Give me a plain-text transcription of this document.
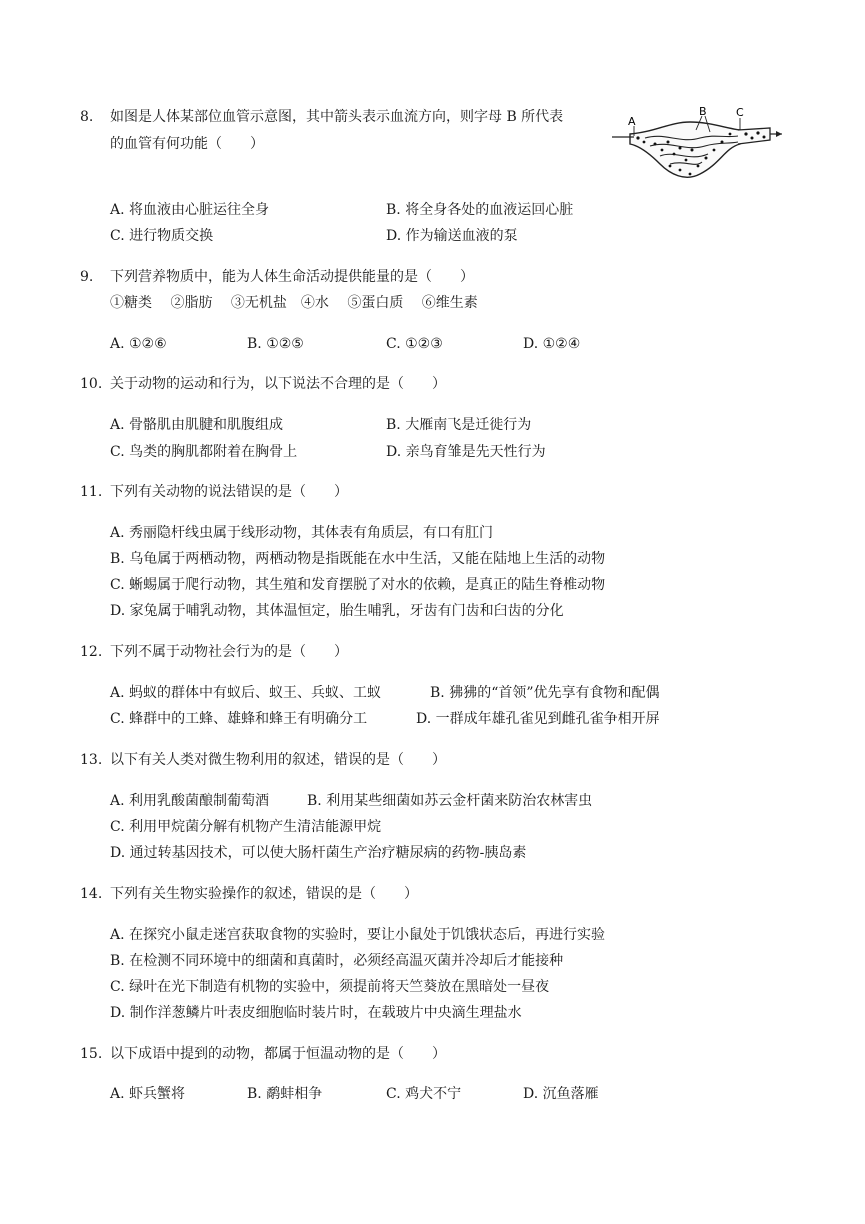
8. 如图是人体某部位血管示意图，其中箭头表示血流方向，则字母 B 所代表
的血管有何功能（　　）
A
B	C
A. 将血液由心脏运往全身	B. 将全身各处的血液运回心脏
C. 进行物质交换	D. 作为输送血液的泵
9. 下列营养物质中，能为人体生命活动提供能量的是（　　）
①糖类　 ②脂肪　 ③无机盐　④水　 ⑤蛋白质　 ⑥维生素
A. ①②⑥	B. ①②⑤	C. ①②③	D. ①②④
10. 关于动物的运动和行为，以下说法不合理的是（　　）
A. 骨骼肌由肌腱和肌腹组成	B. 大雁南飞是迁徙行为
C. 鸟类的胸肌都附着在胸骨上	D. 亲鸟育雏是先天性行为
11. 下列有关动物的说法错误的是（　　）
A. 秀丽隐杆线虫属于线形动物，其体表有角质层，有口有肛门
B. 乌龟属于两栖动物，两栖动物是指既能在水中生活，又能在陆地上生活的动物
C. 蜥蜴属于爬行动物，其生殖和发育摆脱了对水的依赖，是真正的陆生脊椎动物
D. 家兔属于哺乳动物，其体温恒定，胎生哺乳，牙齿有门齿和臼齿的分化
12. 下列不属于动物社会行为的是（　　）
A. 蚂蚁的群体中有蚁后、蚁王、兵蚁、工蚁	B. 狒狒的“首领”优先享有食物和配偶
C. 蜂群中的工蜂、雄蜂和蜂王有明确分工	D. 一群成年雄孔雀见到雌孔雀争相开屏
13. 以下有关人类对微生物利用的叙述，错误的是（　　）
A. 利用乳酸菌酿制葡萄酒	B. 利用某些细菌如苏云金杆菌来防治农林害虫
C. 利用甲烷菌分解有机物产生清洁能源甲烷
D. 通过转基因技术，可以使大肠杆菌生产治疗糖尿病的药物-胰岛素
14. 下列有关生物实验操作的叙述，错误的是（　　）
A. 在探究小鼠走迷宫获取食物的实验时，要让小鼠处于饥饿状态后，再进行实验
B. 在检测不同环境中的细菌和真菌时，必须经高温灭菌并冷却后才能接种
C. 绿叶在光下制造有机物的实验中，须提前将天竺葵放在黑暗处一昼夜
D. 制作洋葱鳞片叶表皮细胞临时装片时，在载玻片中央滴生理盐水
15. 以下成语中提到的动物，都属于恒温动物的是（　　）
A. 虾兵蟹将	B. 鹬蚌相争	C. 鸡犬不宁	D. 沉鱼落雁
